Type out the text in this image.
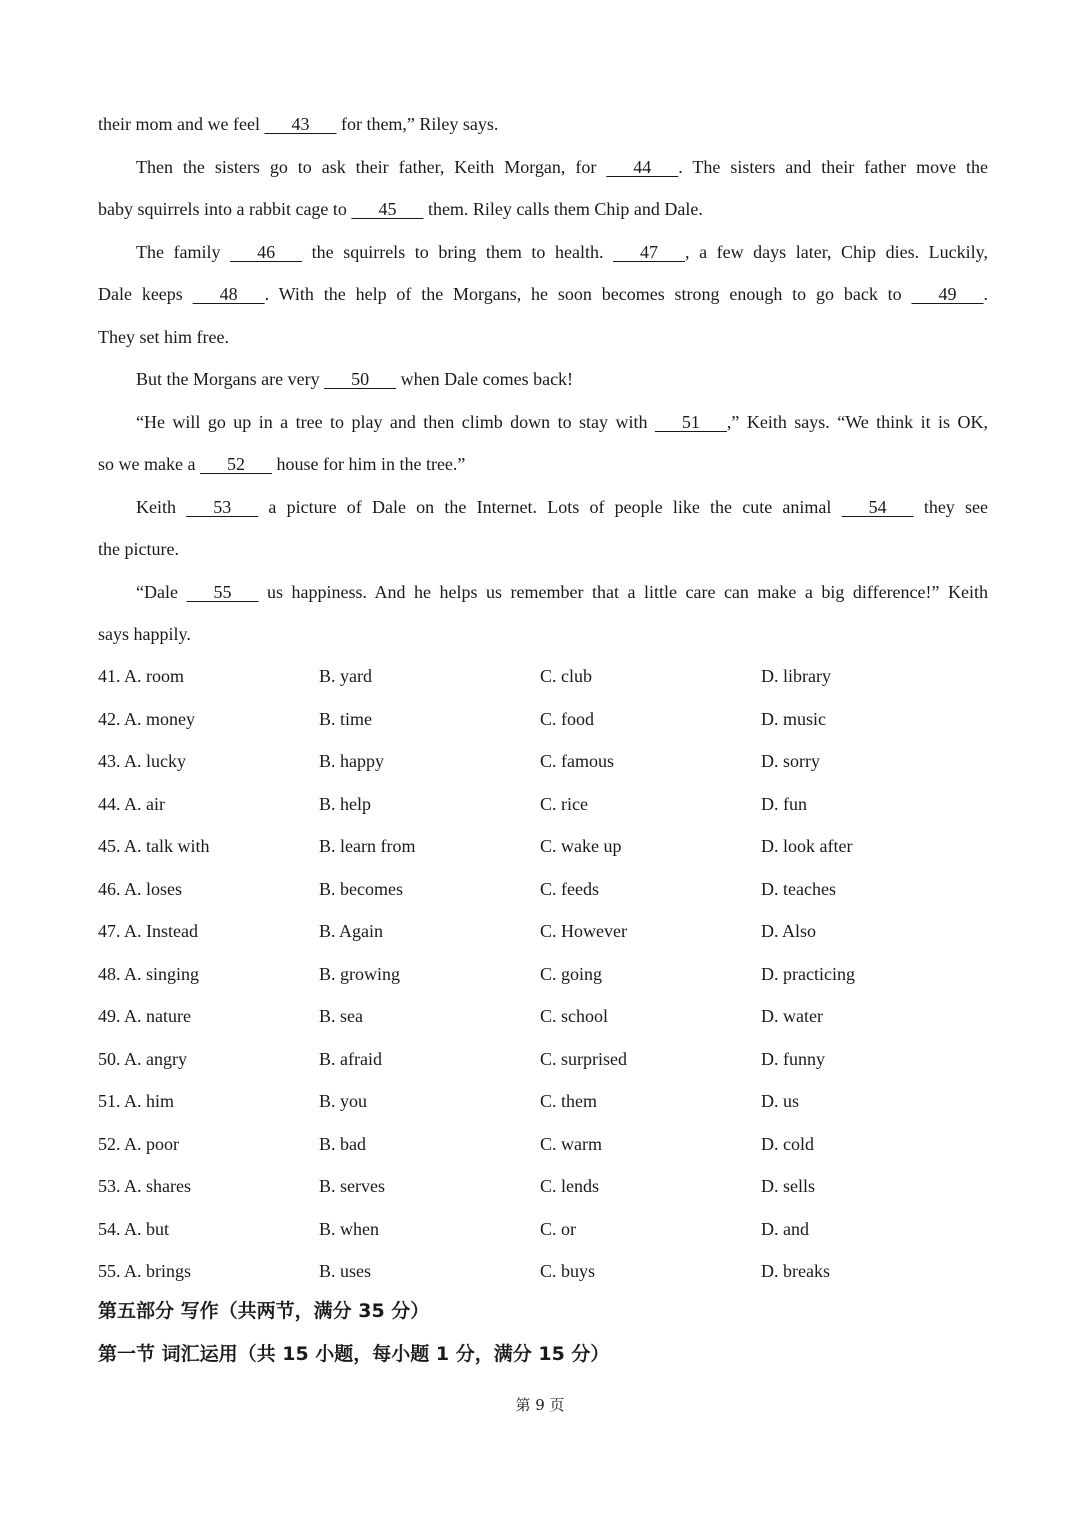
their mom and we feel    43    for them,” Riley says.
Then the sisters go to ask their father, Keith Morgan, for    44   . The sisters and their father move the
baby squirrels into a rabbit cage to    45    them. Riley calls them Chip and Dale.
The family    46    the squirrels to bring them to health.    47   , a few days later, Chip dies. Luckily,
Dale keeps    48   . With the help of the Morgans, he soon becomes strong enough to go back to    49   .
They set him free.
But the Morgans are very    50    when Dale comes back!
“He will go up in a tree to play and then climb down to stay with    51   ,” Keith says. “We think it is OK,
so we make a    52    house for him in the tree.”
Keith    53    a picture of Dale on the Internet. Lots of people like the cute animal    54    they see
the picture.
“Dale    55    us happiness. And he helps us remember that a little care can make a big difference!” Keith
says happily.
41. A. room	B. yard	C. club	D. library
42. A. money	B. time	C. food	D. music
43. A. lucky	B. happy	C. famous	D. sorry
44. A. air	B. help	C. rice	D. fun
45. A. talk with	B. learn from	C. wake up	D. look after
46. A. loses	B. becomes	C. feeds	D. teaches
47. A. Instead	B. Again	C. However	D. Also
48. A. singing	B. growing	C. going	D. practicing
49. A. nature	B. sea	C. school	D. water
50. A. angry	B. afraid	C. surprised	D. funny
51. A. him	B. you	C. them	D. us
52. A. poor	B. bad	C. warm	D. cold
53. A. shares	B. serves	C. lends	D. sells
54. A. but	B. when	C. or	D. and
55. A. brings	B. uses	C. buys	D. breaks
第五部分 写作（共两节，满分 35 分）
第一节 词汇运用（共 15 小题，每小题 1 分，满分 15 分）
第 9 页
